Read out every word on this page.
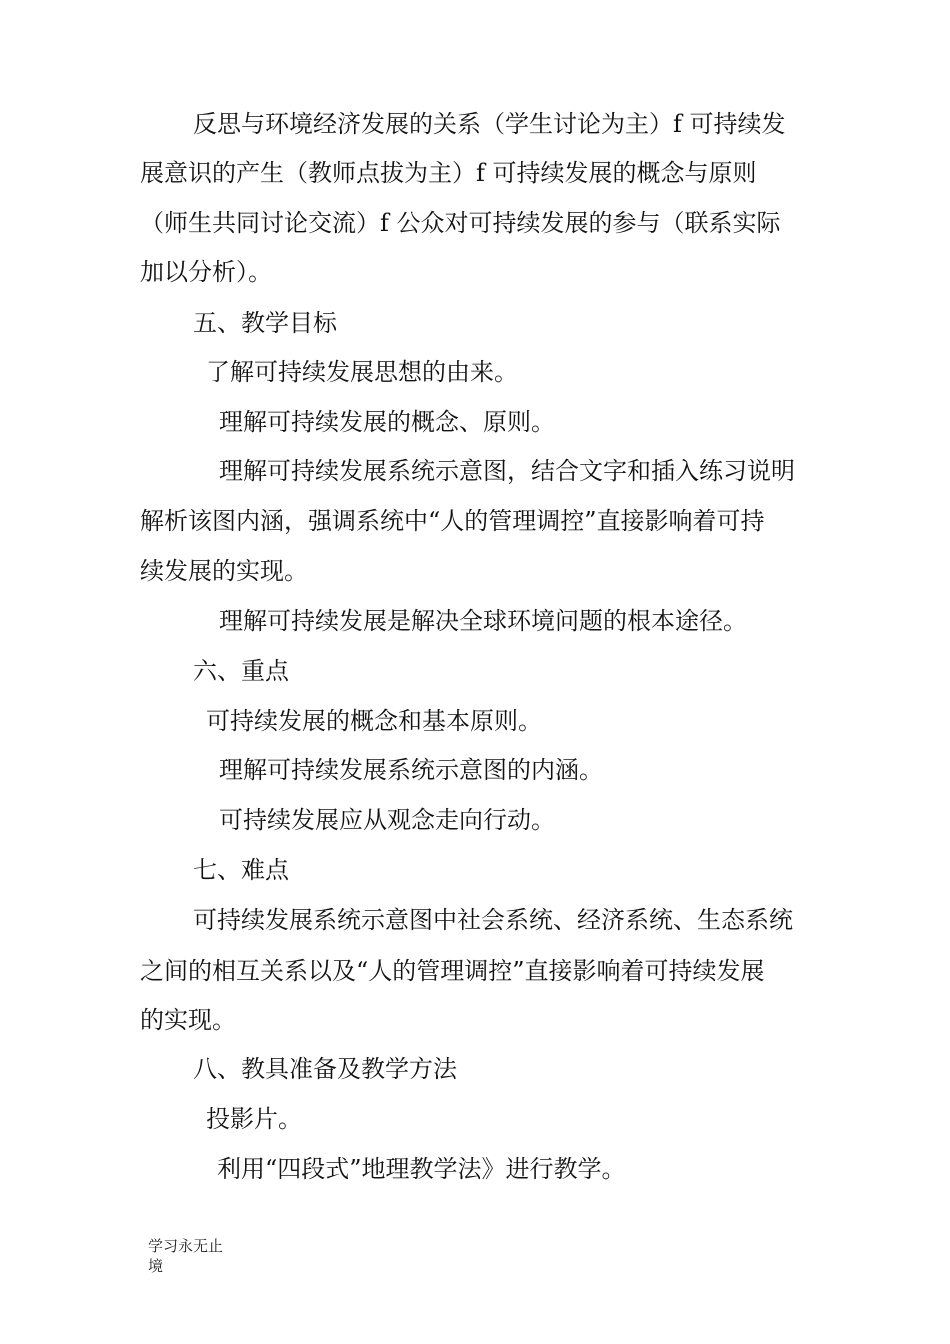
反思与环境经济发展的关系（学生讨论为主）f 可持续发
展意识的产生（教师点拔为主）f 可持续发展的概念与原则
（师生共同讨论交流）f 公众对可持续发展的参与（联系实际
加以分析）。
五、教学目标
了解可持续发展思想的由来。
理解可持续发展的概念、原则。
理解可持续发展系统示意图，结合文字和插入练习说明
解析该图内涵，强调系统中“人的管理调控”直接影响着可持
续发展的实现。
理解可持续发展是解决全球环境问题的根本途径。
六、重点
可持续发展的概念和基本原则。
理解可持续发展系统示意图的内涵。
可持续发展应从观念走向行动。
七、难点
可持续发展系统示意图中社会系统、经济系统、生态系统
之间的相互关系以及“人的管理调控”直接影响着可持续发展
的实现。
八、教具准备及教学方法
投影片。
利用“四段式”地理教学法》进行教学。
学习永无止
境
